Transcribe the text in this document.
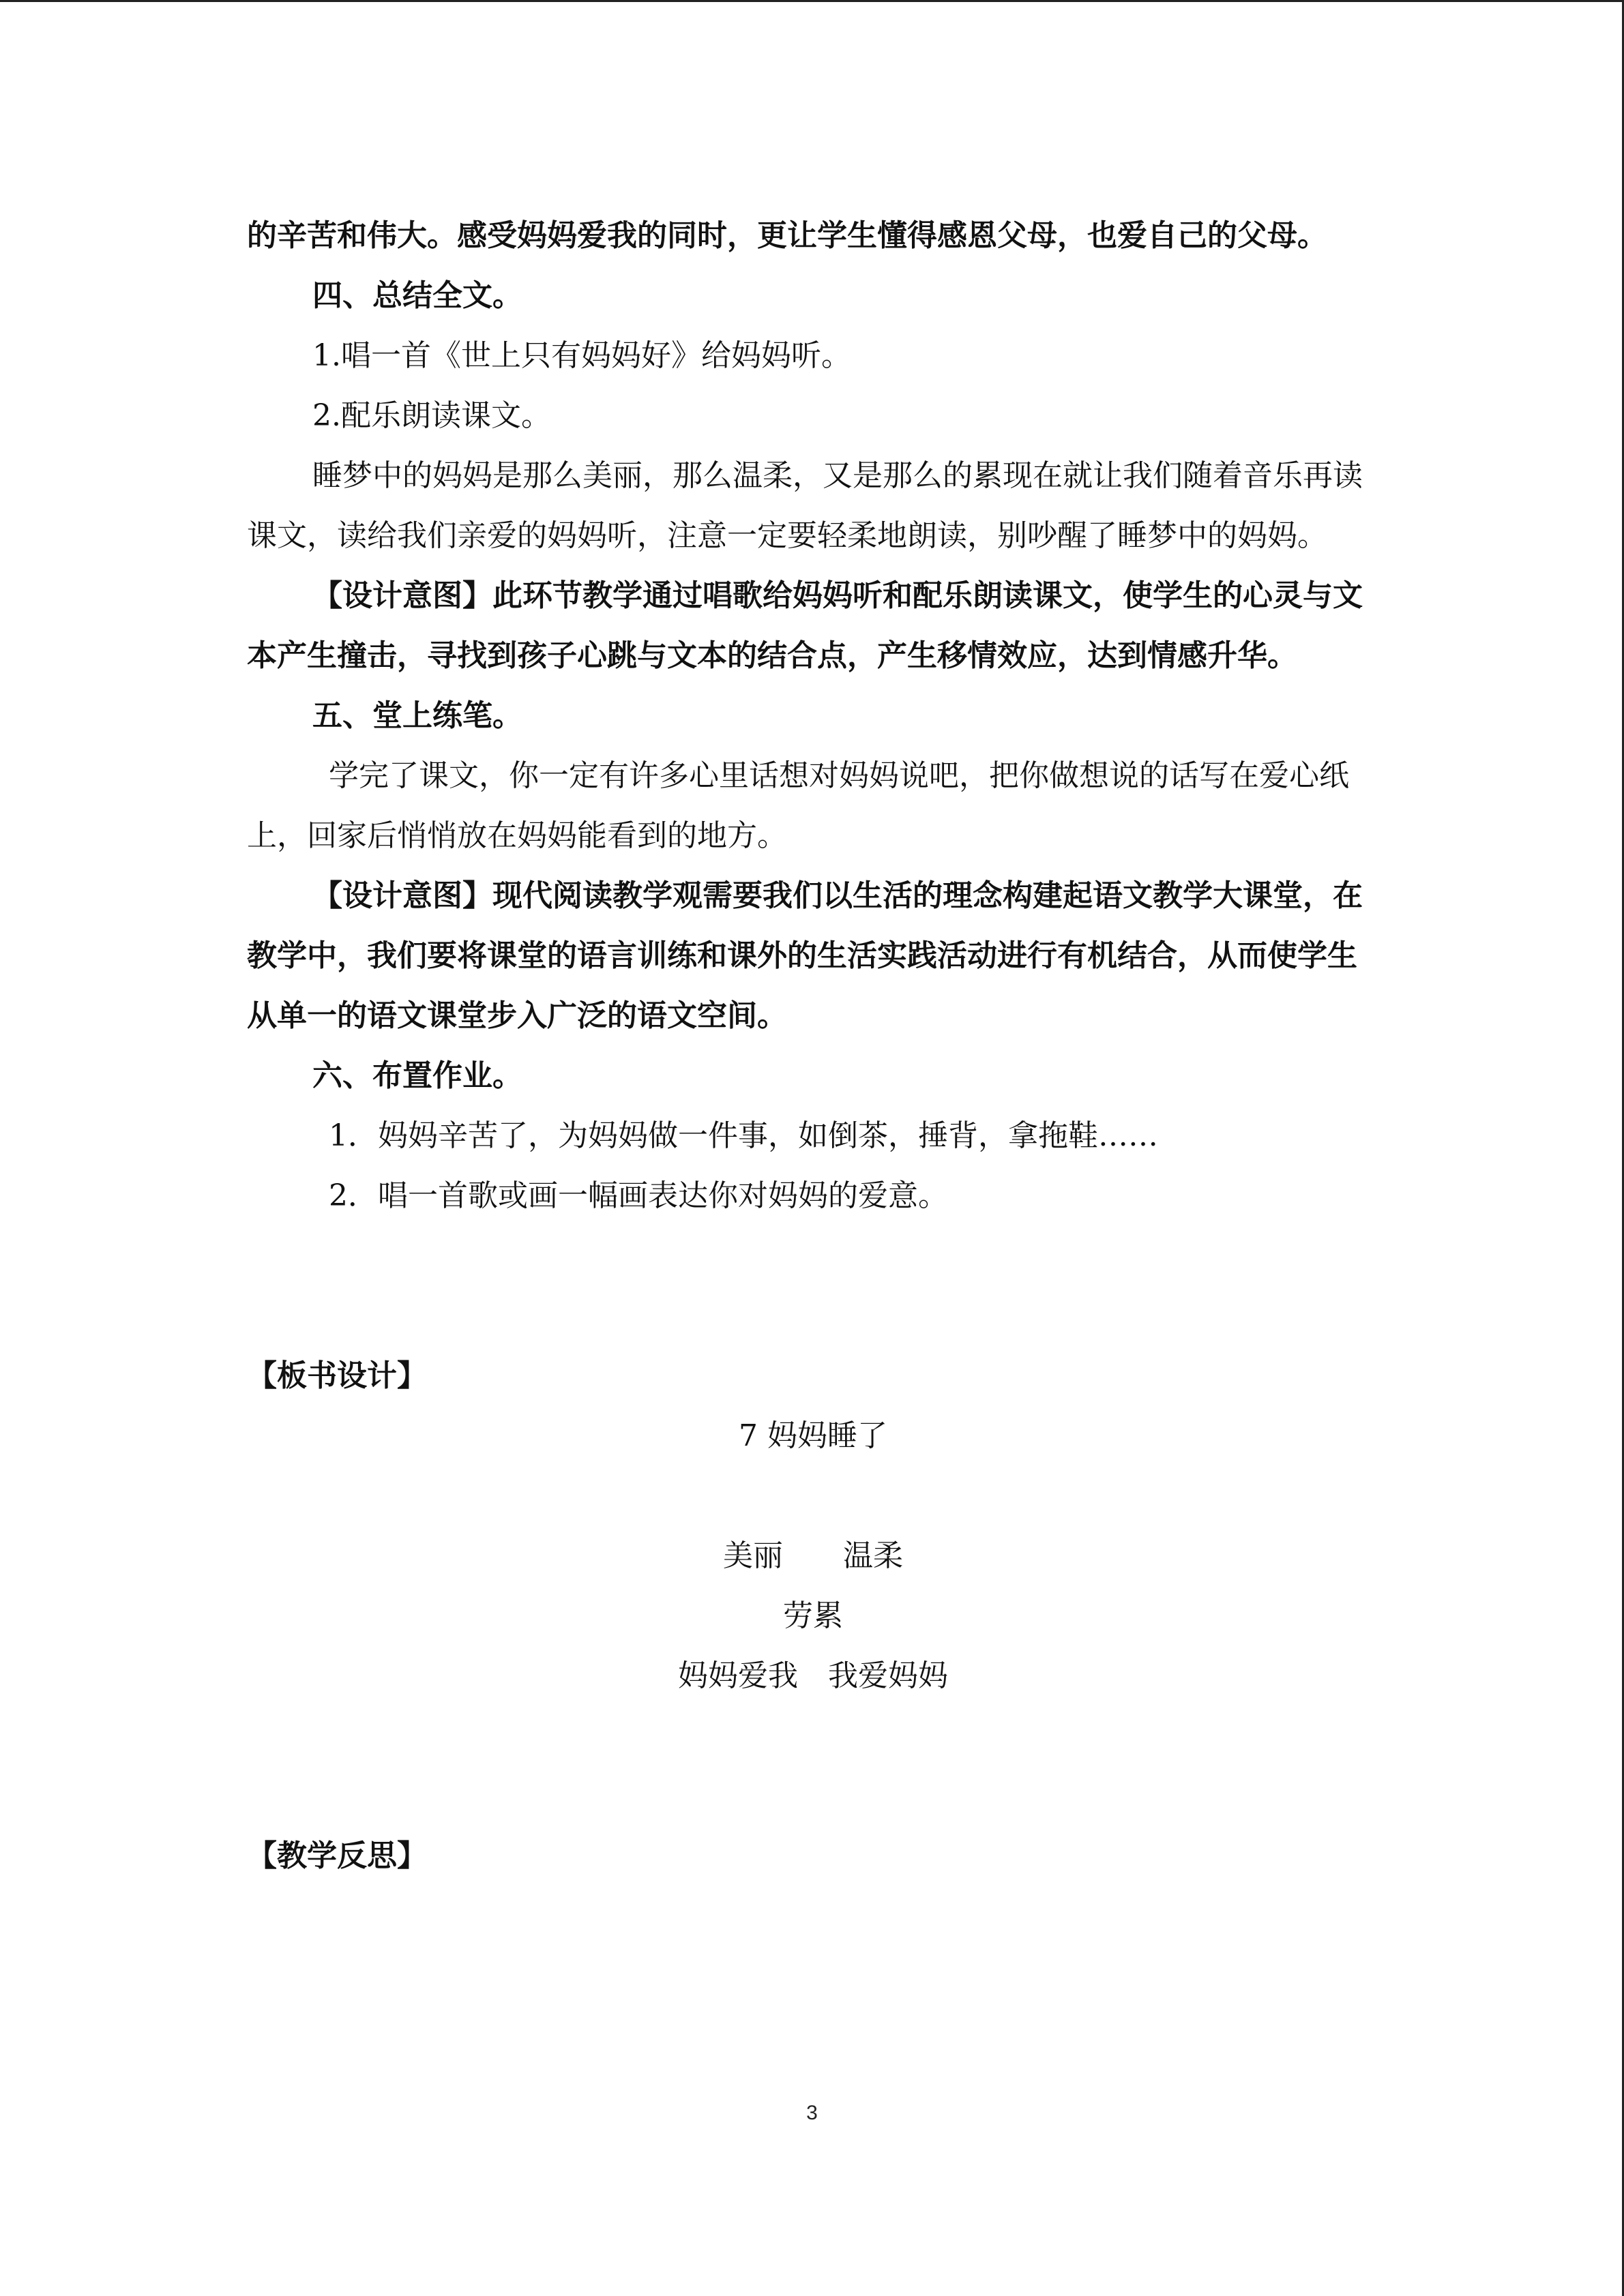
的辛苦和伟大。感受妈妈爱我的同时，更让学生懂得感恩父母，也爱自己的父母。

四、总结全文。

1.唱一首《世上只有妈妈好》给妈妈听。

2.配乐朗读课文。

睡梦中的妈妈是那么美丽，那么温柔，又是那么的累现在就让我们随着音乐再读课文，读给我们亲爱的妈妈听，注意一定要轻柔地朗读，别吵醒了睡梦中的妈妈。

【设计意图】此环节教学通过唱歌给妈妈听和配乐朗读课文，使学生的心灵与文本产生撞击，寻找到孩子心跳与文本的结合点，产生移情效应，达到情感升华。

五、堂上练笔。

学完了课文，你一定有许多心里话想对妈妈说吧，把你做想说的话写在爱心纸上，回家后悄悄放在妈妈能看到的地方。

【设计意图】现代阅读教学观需要我们以生活的理念构建起语文教学大课堂，在教学中，我们要将课堂的语言训练和课外的生活实践活动进行有机结合，从而使学生从单一的语文课堂步入广泛的语文空间。

六、布置作业。

1．妈妈辛苦了，为妈妈做一件事，如倒茶，捶背，拿拖鞋……

2．唱一首歌或画一幅画表达你对妈妈的爱意。

【板书设计】

7 妈妈睡了

美丽 温柔

劳累

妈妈爱我 我爱妈妈

【教学反思】

3
